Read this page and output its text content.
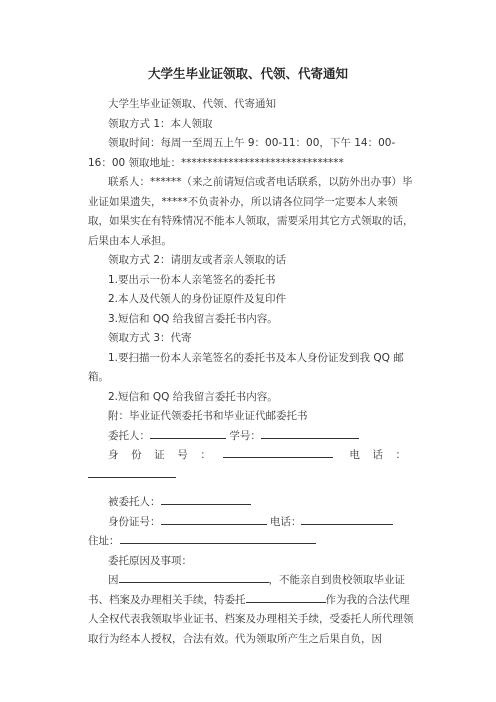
大学生毕业证领取、代领、代寄通知

大学生毕业证领取、代领、代寄通知

领取方式 1：本人领取

领取时间：每周一至周五上午 9：00-11：00，下午 14：00-16：00 领取地址：*******************************

联系人：******（来之前请短信或者电话联系，以防外出办事）毕业证如果遗失，*****不负责补办，所以请各位同学一定要本人来领取，如果实在有特殊情况不能本人领取，需要采用其它方式领取的话，后果由本人承担。

领取方式 2：请朋友或者亲人领取的话

1.要出示一份本人亲笔签名的委托书

2.本人及代领人的身份证原件及复印件

3.短信和 QQ 给我留言委托书内容。

领取方式 3：代寄

1.要扫描一份本人亲笔签名的委托书及本人身份证发到我 QQ 邮箱。

2.短信和 QQ 给我留言委托书内容。

附：毕业证代领委托书和毕业证代邮委托书

委托人：	学号：

身份证号：	电话：

被委托人：

身份证号：	电话：

住址：

委托原因及事项：

因	，不能亲自到贵校领取毕业证书、档案及办理相关手续，特委托	作为我的合法代理人全权代表我领取毕业证书、档案及办理相关手续，受委托人所代理领取行为经本人授权，合法有效。代为领取所产生之后果自负，因
